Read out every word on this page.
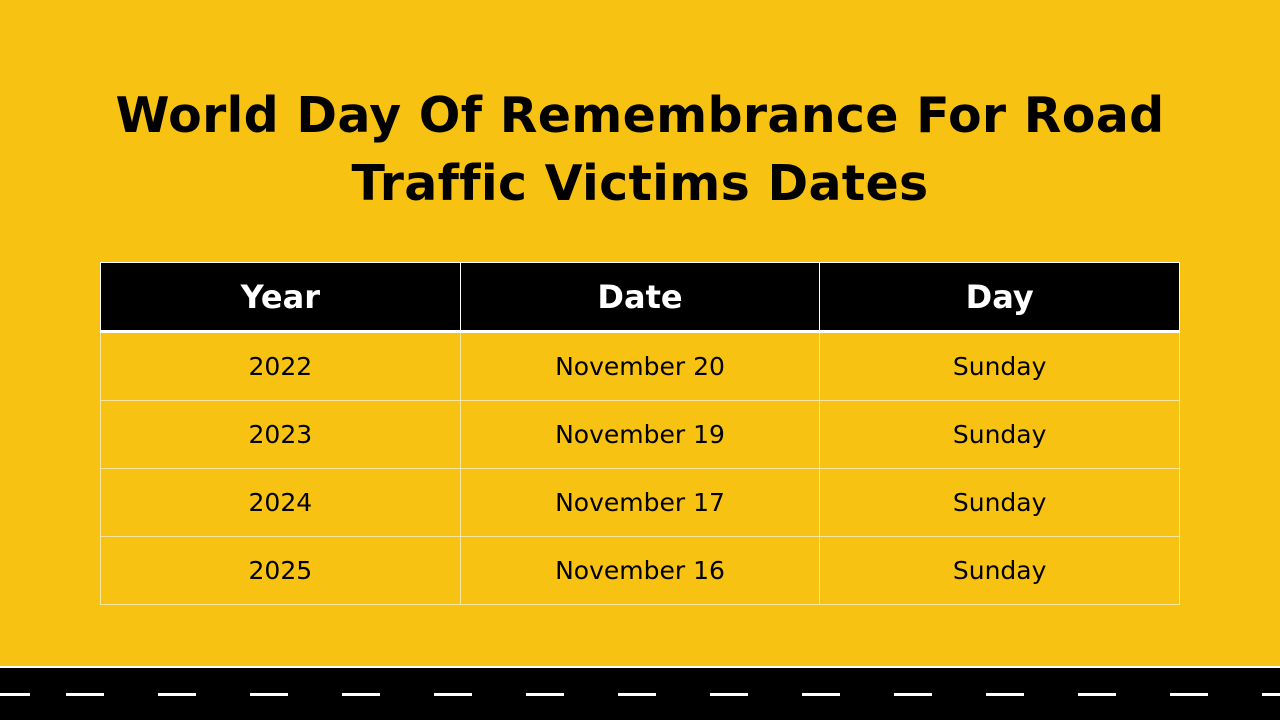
World Day Of Remembrance For Road Traffic Victims Dates
Year	Date	Day
2022	November 20	Sunday
2023	November 19	Sunday
2024	November 17	Sunday
2025	November 16	Sunday
